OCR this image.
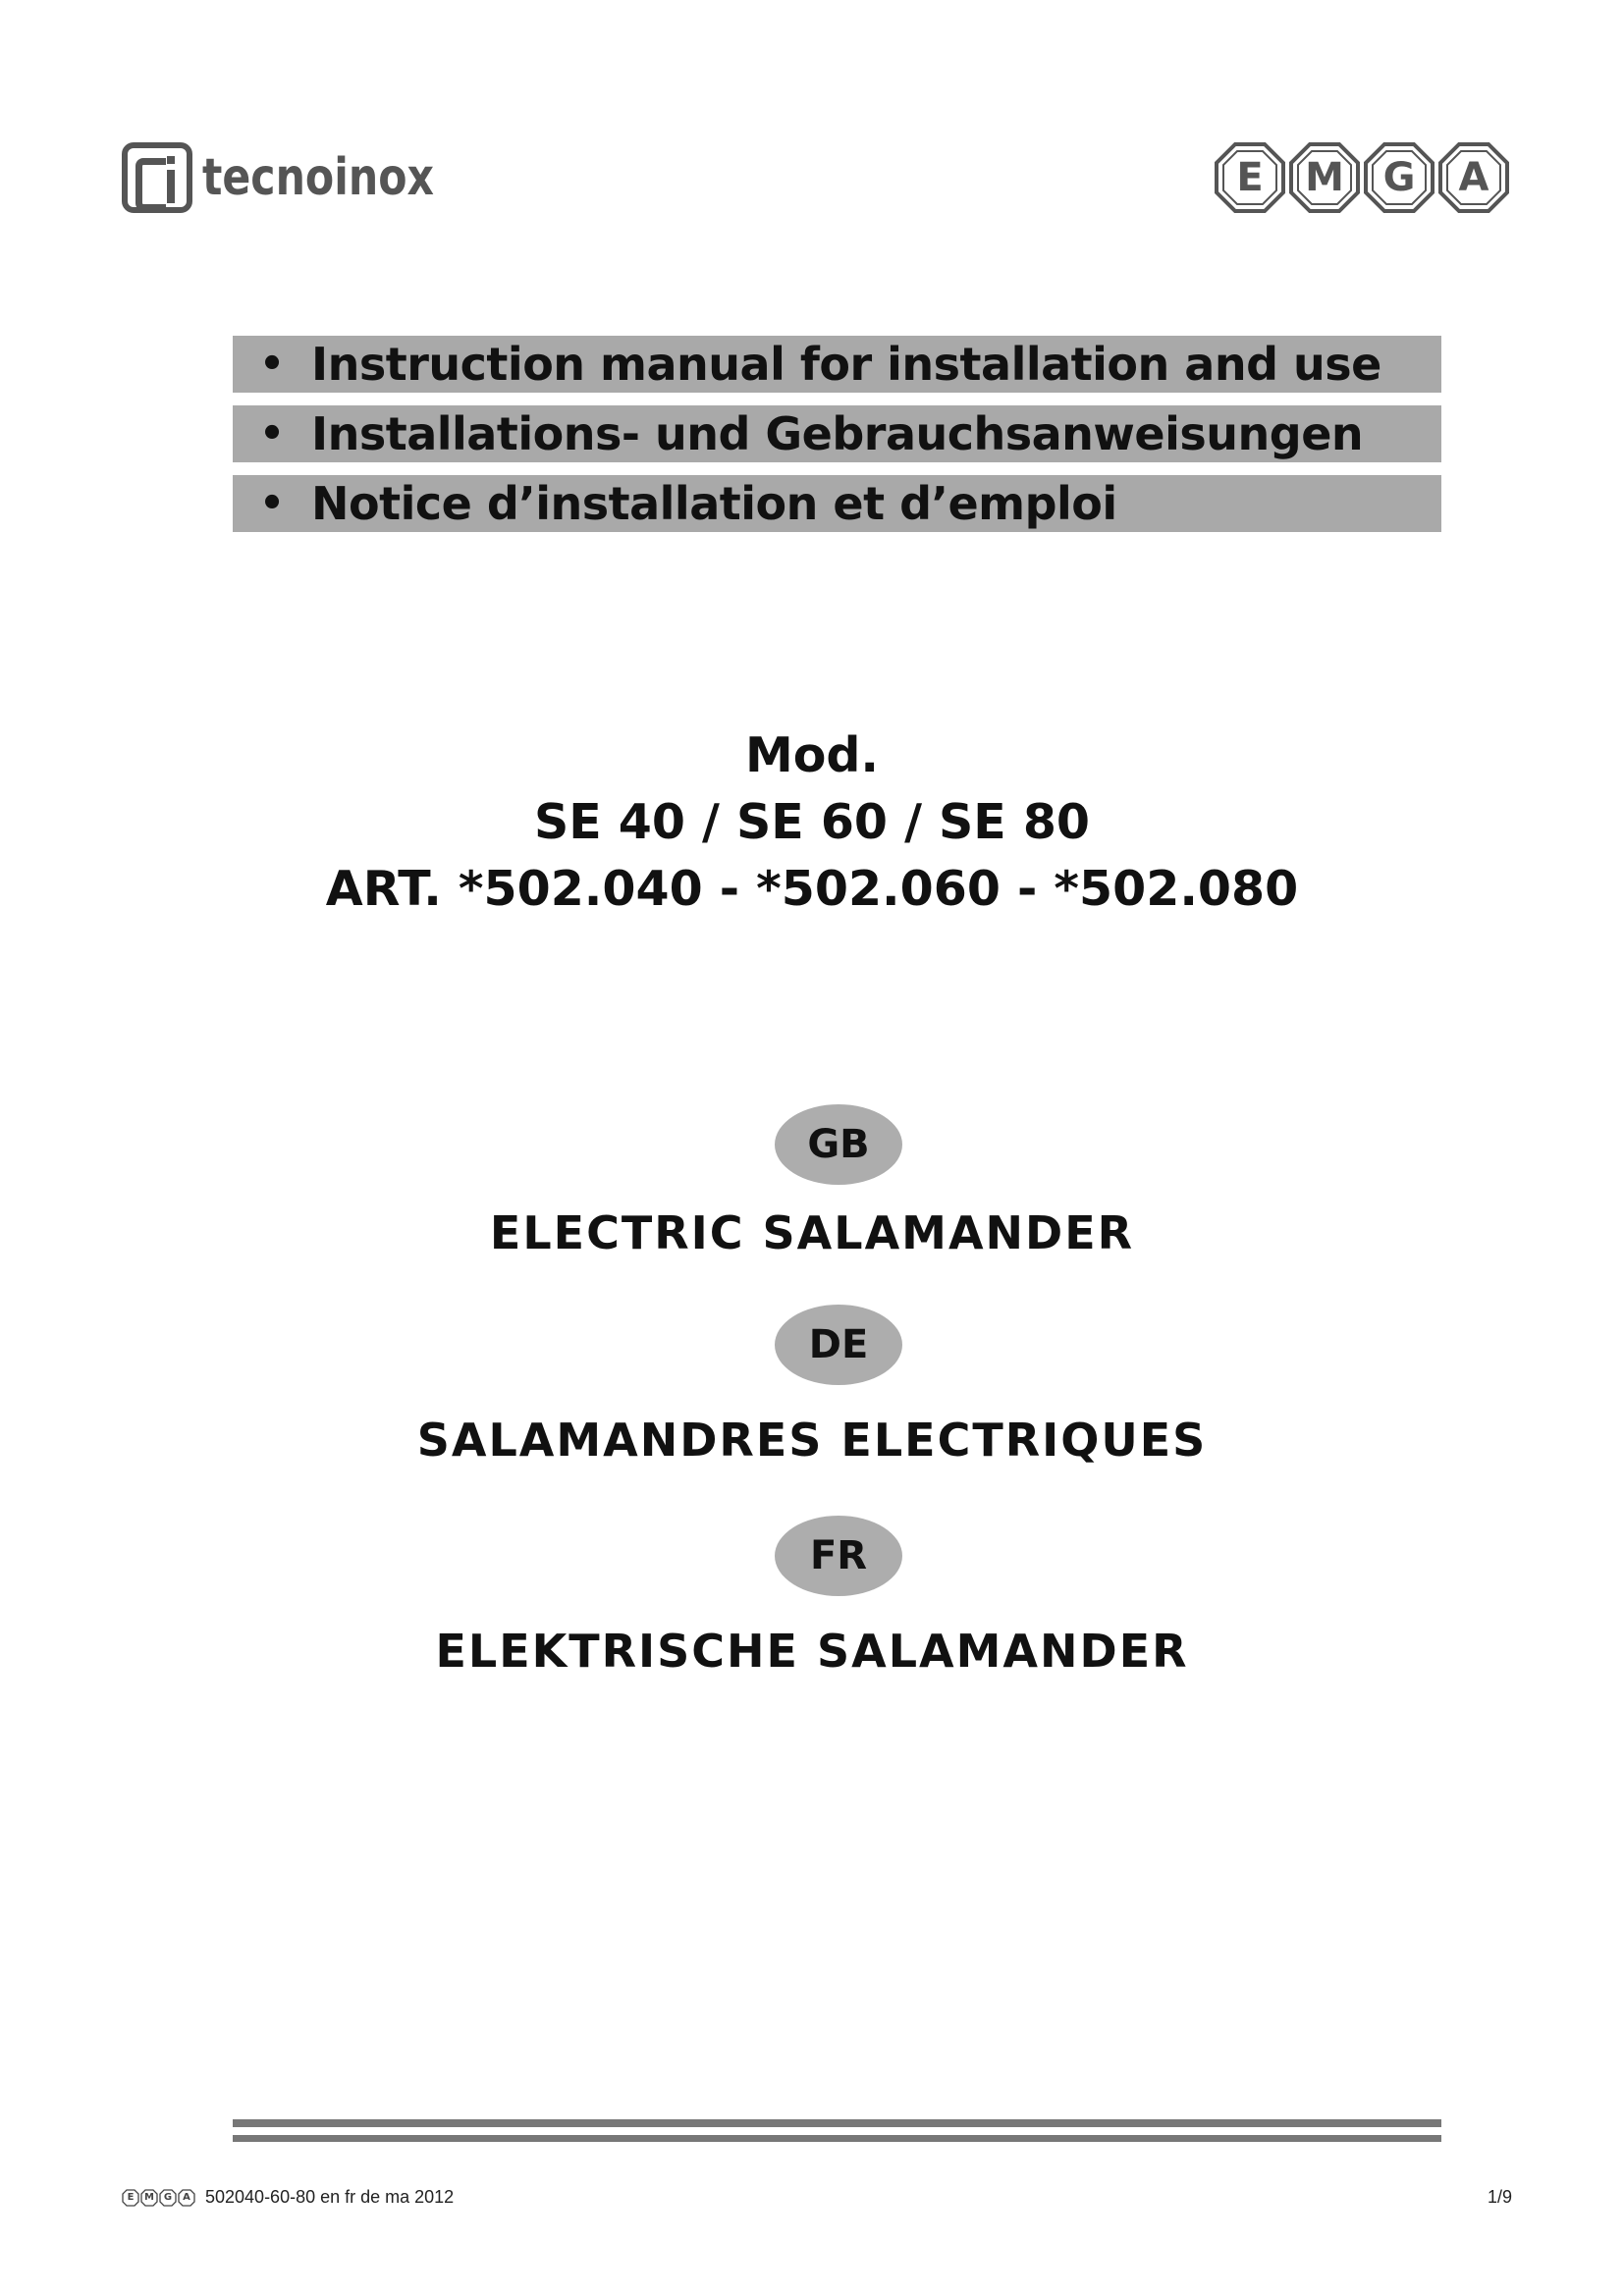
tecnoinox	E	M G	A
• Instruction manual for installation and use
• Installations- und Gebrauchsanweisungen
• Notice d’installation et d’emploi
Mod.
SE 40 / SE 60 / SE 80
ART. *502.040 - *502.060 - *502.080
GB
ELECTRIC SALAMANDER
DE
SALAMANDRES ELECTRIQUES
FR
ELEKTRISCHE SALAMANDER
E	M G	A 502040-60-80 en fr de ma 2012	1/9
